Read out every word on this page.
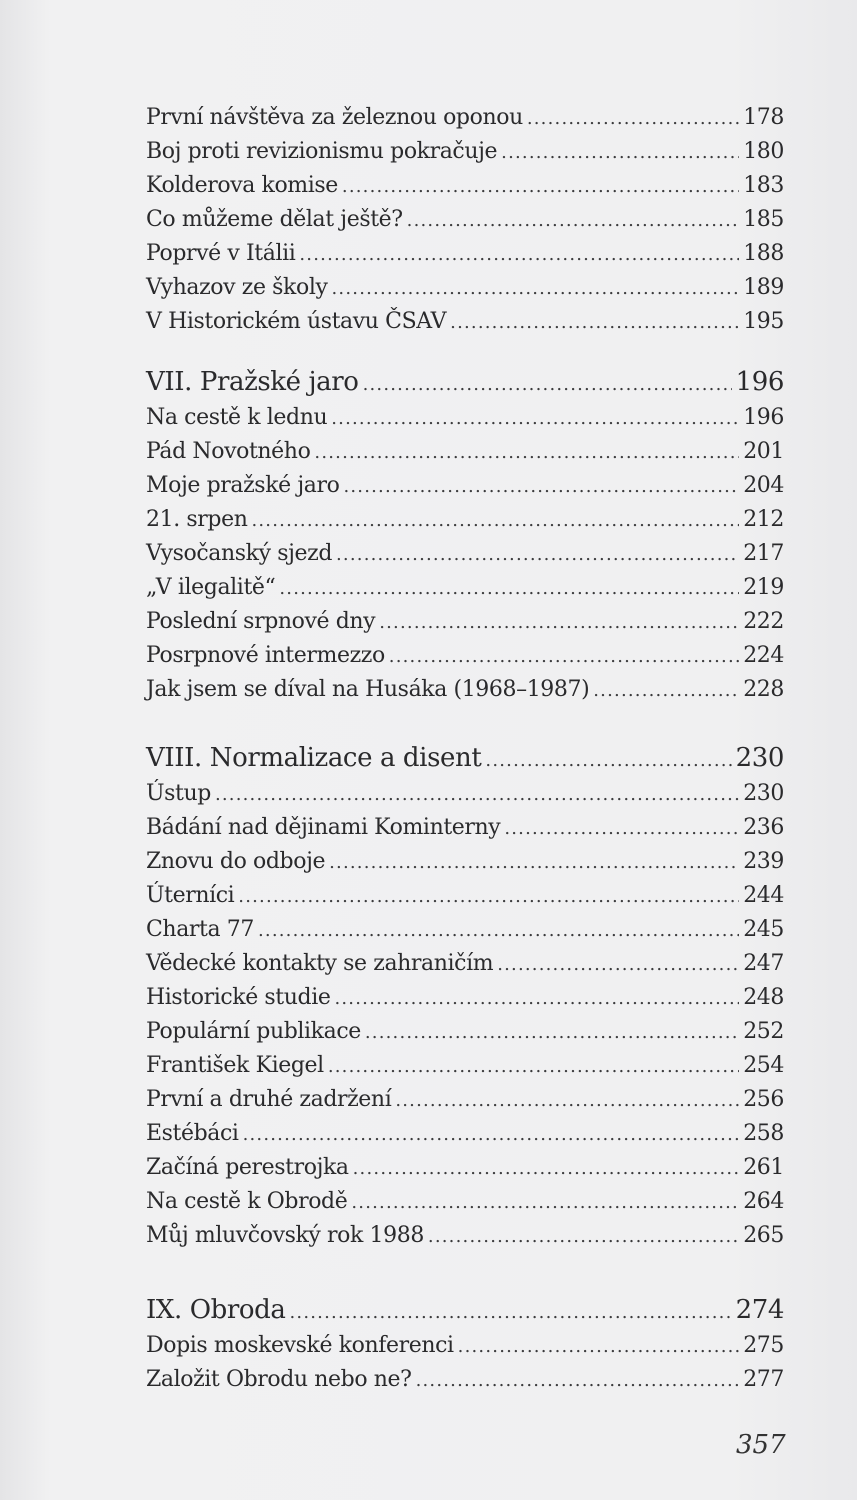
První návštěva za železnou oponou .....	178
Boj proti revizionismu pokračuje .....	180
Kolderova komise .....	183
Co můžeme dělat ještě? .....	185
Poprvé v Itálii .....	188
Vyhazov ze školy .....	189
V Historickém ústavu ČSAV .....	195
VII. Pražské jaro .....	196
Na cestě k lednu .....	196
Pád Novotného .....	201
Moje pražské jaro .....	204
21. srpen .....	212
Vysočanský sjezd .....	217
„V ilegalitě“ .....	219
Poslední srpnové dny .....	222
Posrpnové intermezzo .....	224
Jak jsem se díval na Husáka (1968–1987) .....	228
VIII. Normalizace a disent .....	230
Ústup .....	230
Bádání nad dějinami Kominterny .....	236
Znovu do odboje .....	239
Úterníci .....	244
Charta 77 .....	245
Vědecké kontakty se zahraničím .....	247
Historické studie .....	248
Populární publikace .....	252
František Kiegel .....	254
První a druhé zadržení .....	256
Estébáci .....	258
Začíná perestrojka .....	261
Na cestě k Obrodě .....	264
Můj mluvčovský rok 1988 .....	265
IX. Obroda .....	274
Dopis moskevské konferenci .....	275
Založit Obrodu nebo ne? .....	277
357
